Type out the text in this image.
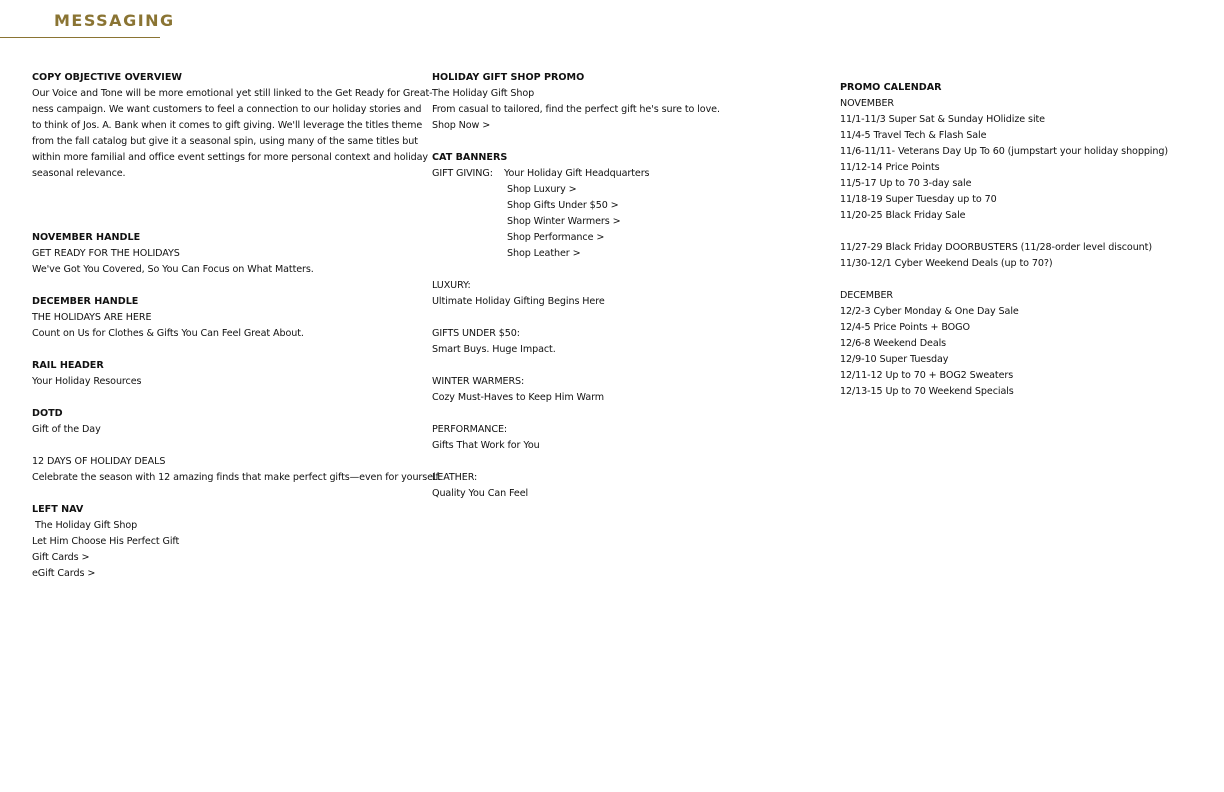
MESSAGING
COPY OBJECTIVE OVERVIEW
Our Voice and Tone will be more emotional yet still linked to the Get Ready for Great-
ness campaign. We want customers to feel a connection to our holiday stories and
to think of Jos. A. Bank when it comes to gift giving. We'll leverage the titles theme
from the fall catalog but give it a seasonal spin, using many of the same titles but
within more familial and office event settings for more personal context and holiday
seasonal relevance.
NOVEMBER HANDLE
GET READY FOR THE HOLIDAYS
We've Got You Covered, So You Can Focus on What Matters.
DECEMBER HANDLE
THE HOLIDAYS ARE HERE
Count on Us for Clothes & Gifts You Can Feel Great About.
RAIL HEADER
Your Holiday Resources
DOTD
Gift of the Day
12 DAYS OF HOLIDAY DEALS
Celebrate the season with 12 amazing finds that make perfect gifts—even for yourself.
LEFT NAV
The Holiday Gift Shop
Let Him Choose His Perfect Gift
Gift Cards >
eGift Cards >
HOLIDAY GIFT SHOP PROMO
The Holiday Gift Shop
From casual to tailored, find the perfect gift he's sure to love.
Shop Now >
CAT BANNERS
GIFT GIVING:	Your Holiday Gift Headquarters
Shop Luxury >
Shop Gifts Under $50 >
Shop Winter Warmers >
Shop Performance >
Shop Leather >
LUXURY:
Ultimate Holiday Gifting Begins Here
GIFTS UNDER $50:
Smart Buys. Huge Impact.
WINTER WARMERS:
Cozy Must-Haves to Keep Him Warm
PERFORMANCE:
Gifts That Work for You
LEATHER:
Quality You Can Feel
PROMO CALENDAR
NOVEMBER
11/1-11/3 Super Sat & Sunday HOlidize site
11/4-5 Travel Tech & Flash Sale
11/6-11/11- Veterans Day Up To 60 (jumpstart your holiday shopping)
11/12-14 Price Points
11/5-17 Up to 70 3-day sale
11/18-19 Super Tuesday up to 70
11/20-25 Black Friday Sale
11/27-29 Black Friday DOORBUSTERS (11/28-order level discount)
11/30-12/1 Cyber Weekend Deals (up to 70?)
DECEMBER
12/2-3 Cyber Monday & One Day Sale
12/4-5 Price Points + BOGO
12/6-8 Weekend Deals
12/9-10 Super Tuesday
12/11-12 Up to 70 + BOG2 Sweaters
12/13-15 Up to 70 Weekend Specials
